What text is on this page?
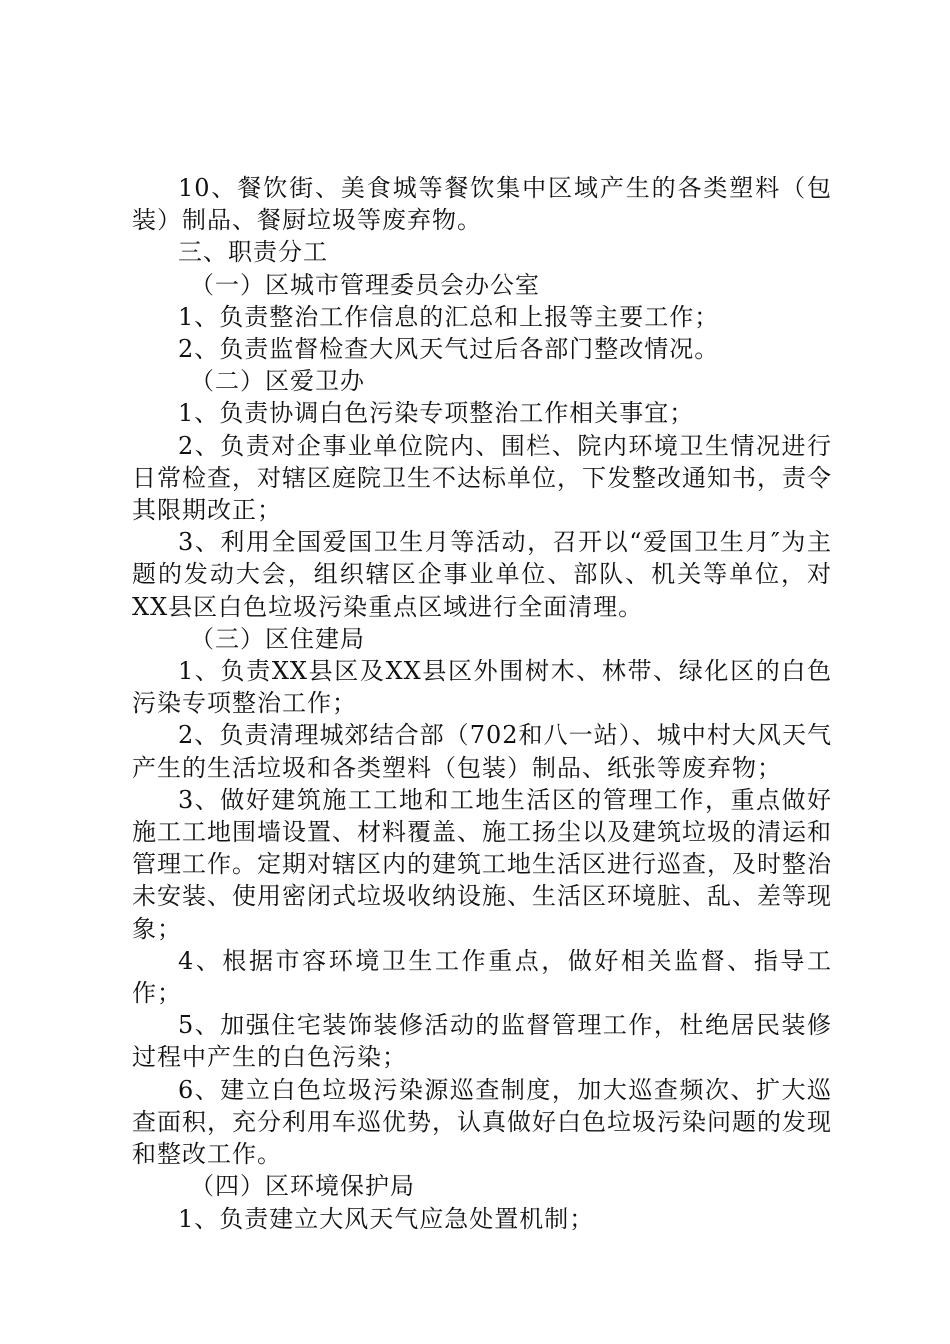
10、餐饮街、美食城等餐饮集中区域产生的各类塑料（包装）制品、餐厨垃圾等废弃物。

三、职责分工

（一）区城市管理委员会办公室

1、负责整治工作信息的汇总和上报等主要工作；

2、负责监督检查大风天气过后各部门整改情况。

（二）区爱卫办

1、负责协调白色污染专项整治工作相关事宜；

2、负责对企事业单位院内、围栏、院内环境卫生情况进行日常检查，对辖区庭院卫生不达标单位，下发整改通知书，责令其限期改正；

3、利用全国爱国卫生月等活动，召开以“爱国卫生月″为主题的发动大会，组织辖区企事业单位、部队、机关等单位，对XX县区白色垃圾污染重点区域进行全面清理。

（三）区住建局

1、负责XX县区及XX县区外围树木、林带、绿化区的白色污染专项整治工作；

2、负责清理城郊结合部（702和八一站）、城中村大风天气产生的生活垃圾和各类塑料（包装）制品、纸张等废弃物；

3、做好建筑施工工地和工地生活区的管理工作，重点做好施工工地围墙设置、材料覆盖、施工扬尘以及建筑垃圾的清运和管理工作。定期对辖区内的建筑工地生活区进行巡查，及时整治未安装、使用密闭式垃圾收纳设施、生活区环境脏、乱、差等现象；

4、根据市容环境卫生工作重点，做好相关监督、指导工作；

5、加强住宅装饰装修活动的监督管理工作，杜绝居民装修过程中产生的白色污染；

6、建立白色垃圾污染源巡查制度，加大巡查频次、扩大巡查面积，充分利用车巡优势，认真做好白色垃圾污染问题的发现和整改工作。

（四）区环境保护局

1、负责建立大风天气应急处置机制；
